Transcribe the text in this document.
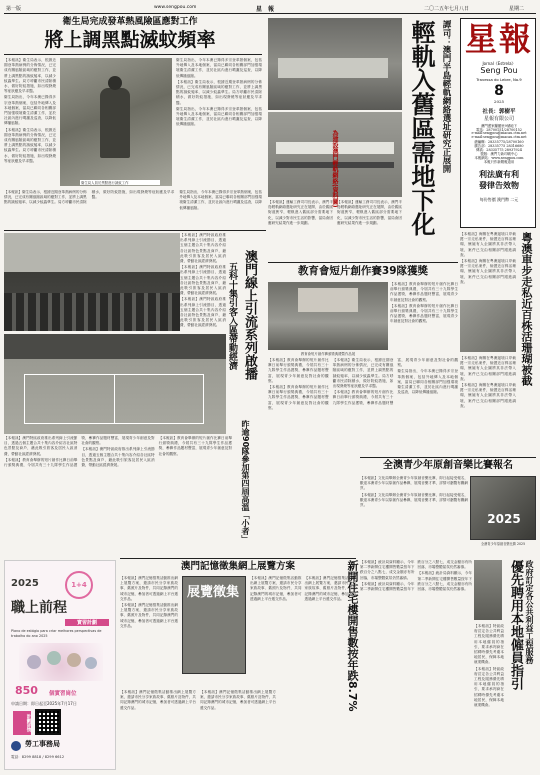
第一版	www.sengpou.com	星　報	二〇二五年七月八日	星期二
衛生局完成發革熱風險區應對工作
將上調黑點滅蚊頻率

【本報訊】衛生局表示，根據近期登革熱病例的分佈情況，已完成有關風險區域的應對工作，並將上調黑點的滅蚊頻率，以減少蚊蟲孳生。局方呼籲市民清除積水，做好防蚊措施，如出現發燒等症狀應及早求醫。

衛生局指出，今年本澳已錄得多宗登革熱個案，包括外地傳入及本地個案，當局已聯同各相關部門加強環境衛生清潔工作，並於社區內進行噴灑及巡查，以降低傳播風險。

【本報訊】衛生局表示，根據近期登革熱病例的分佈情況，已完成有關風險區域的應對工作，並將上調黑點的滅蚊頻率，以減少蚊蟲孳生。局方呼籲市民清除積水，做好防蚊措施，如出現發燒等症狀應及早求醫。

衛生局人員於黑點進行滅蚊工作

衛生局指出，今年本澳已錄得多宗登革熱個案，包括外地傳入及本地個案，當局已聯同各相關部門加強環境衛生清潔工作，並於社區內進行噴灑及巡查，以降低傳播風險。

【本報訊】衛生局表示，根據近期登革熱病例的分佈情況，已完成有關風險區域的應對工作，並將上調黑點的滅蚊頻率，以減少蚊蟲孳生。局方呼籲市民清除積水，做好防蚊措施，如出現發燒等症狀應及早求醫。

衛生局指出，今年本澳已錄得多宗登革熱個案，包括外地傳入及本地個案，當局已聯同各相關部門加強環境衛生清潔工作，並於社區內進行噴灑及巡查，以降低傳播風險。

【本報訊】衛生局表示，根據近期登革熱病例的分佈情況，已完成有關風險區域的應對工作，並將上調黑點的滅蚊頻率，以減少蚊蟲孳生。局方呼籲市民清除積水，做好防蚊措施，如出現發燒等症狀應及早求醫。

衛生局指出，今年本澳已錄得多宗登革熱個案，包括外地傳入及本地個案，當局已聯同各相關部門加強環境衛生清潔工作，並於社區內進行噴灑及巡查，以降低傳播風險。

為建設澳門輕軌網絡(資料圖)

【本報訊】運輸工務司司長表示，澳門半島輕軌網絡選址研究正在展開，由於舊區街道狹窄，輕軌進入舊區部分需要地下化，以減少對市民生活的影響，當局會因應研究結果作進一步規劃。

【本報訊】運輸工務司司長表示，澳門半島輕軌網絡選址研究正在展開，由於舊區街道狹窄，輕軌進入舊區部分需要地下化，以減少對市民生活的影響，當局會因應研究結果作進一步規劃。	輕軌入舊區需地下化 譚司：澳門半島輕軌網絡選址研究正展開 星報
Jornal《Estrela》
Seng Pou
Travessa do Lebre, No.9
8
2025
社長：郭樹平
星報有限公司
澳門畫家蘭鵝里9號地下
電話：28700151/28700152
e-mail:sengpou@macau.ctm.net
e-mail:sengpou@macau.ctm.net
總編輯：28335775/28700160
廣告部：28335775 28316680
傳真：28335775 28937924
製版：澳門力新印刷中心
本報網站：www.sengpou.com
本報只作新聞報道用
利法廣有利
發律告效物
每份售價 澳門幣 二元

【本報訊】澳門特區政府推出系列線上引流節目，透過五個主題合共十集內容介紹各社區特色景點及商戶，藉此吸引旅客及居民入區消費，帶動社區經濟發展。

【本報訊】澳門特區政府推出系列線上引流節目，透過五個主題合共十集內容介紹各社區特色景點及商戶，藉此吸引旅客及居民入區消費，帶動社區經濟發展。

【本報訊】澳門特區政府推出系列線上引流節目，透過五個主題合共十集內容介紹各社區特色景點及商戶，藉此吸引旅客及居民入區消費，帶動社區經濟發展。	澳門線上引流系列啟播
五科十集引客入區帶動經濟
昨逾90隊參加第四屆高溫「小者」

【本報訊】澳門特區政府推出系列線上引流節目，透過五個主題合共十集內容介紹各社區特色景點及商戶，藉此吸引旅客及居民入區消費，帶動社區經濟發展。

【本報訊】教育會舉辦的短片創作比賽日前舉行頒獎典禮，今屆共有三十九隊學生作品獲獎，參賽作品題材豐富，展現青少年創意及對社會的觀察。

【本報訊】澳門特區政府推出系列線上引流節目，透過五個主題合共十集內容介紹各社區特色景點及商戶，藉此吸引旅客及居民入區消費，帶動社區經濟發展。

【本報訊】教育會舉辦的短片創作比賽日前舉行頒獎典禮，今屆共有三十九隊學生作品獲獎，參賽作品題材豐富，展現青少年創意及對社會的觀察。

教育會短片創作賽39隊獲獎
教育會短片創作賽頒獎典禮暨作品展

【本報訊】教育會舉辦的短片創作比賽日前舉行頒獎典禮，今屆共有三十九隊學生作品獲獎，參賽作品題材豐富，展現青少年創意及對社會的觀察。

【本報訊】教育會舉辦的短片創作比賽日前舉行頒獎典禮，今屆共有三十九隊學生作品獲獎，參賽作品題材豐富，展現青少年創意及對社會的觀察。

【本報訊】教育會舉辦的短片創作比賽日前舉行頒獎典禮，今屆共有三十九隊學生作品獲獎，參賽作品題材豐富，展現青少年創意及對社會的觀察。

【本報訊】教育會舉辦的短片創作比賽日前舉行頒獎典禮，今屆共有三十九隊學生作品獲獎，參賽作品題材豐富，展現青少年創意及對社會的觀察。

【本報訊】衛生局表示，根據近期登革熱病例的分佈情況，已完成有關風險區域的應對工作，並將上調黑點的滅蚊頻率，以減少蚊蟲孳生。局方呼籲市民清除積水，做好防蚊措施，如出現發燒等症狀應及早求醫。

【本報訊】教育會舉辦的短片創作比賽日前舉行頒獎典禮，今屆共有三十九隊學生作品獲獎，參賽作品題材豐富，展現青少年創意及對社會的觀察。

衛生局指出，今年本澳已錄得多宗登革熱個案，包括外地傳入及本地個案，當局已聯同各相關部門加強環境衛生清潔工作，並於社區內進行噴灑及巡查，以降低傳播風險。

粵澳車步走私近百株活珊瑚被截

【本報訊】海關在粵澳邊境口岸截獲一宗走私案件，檢獲近百株活珊瑚，懷疑有人企圖將其非法帶入境，案件已交由相關部門跟進調查。

【本報訊】海關在粵澳邊境口岸截獲一宗走私案件，檢獲近百株活珊瑚，懷疑有人企圖將其非法帶入境，案件已交由相關部門跟進調查。

【本報訊】海關在粵澳邊境口岸截獲一宗走私案件，檢獲近百株活珊瑚，懷疑有人企圖將其非法帶入境，案件已交由相關部門跟進調查。

【本報訊】海關在粵澳邊境口岸截獲一宗走私案件，檢獲近百株活珊瑚，懷疑有人企圖將其非法帶入境，案件已交由相關部門跟進調查。

全澳青少年原創音樂比賽報名

【本報訊】文化局舉辦全澳青少年原創音樂比賽，即日起接受報名，歡迎本澳青少年以原創作品參賽，展現音樂才華，詳情可瀏覽有關網頁。

【本報訊】文化局舉辦全澳青少年原創音樂比賽，即日起接受報名，歡迎本澳青少年以原創作品參賽，展現音樂才華，詳情可瀏覽有關網頁。

2025
全澳青少年原創音樂比賽 2025
澳門記憶徵集網上展覽方案

【本報訊】澳門記憶徵集活動推出網上展覽方案，邀請市民分享家族故事、舊照片及物件，共同記錄澳門的城市記憶，參加者可透過網上平台遞交作品。

【本報訊】澳門記憶徵集活動推出網上展覽方案，邀請市民分享家族故事、舊照片及物件，共同記錄澳門的城市記憶，參加者可透過網上平台遞交作品。

展覽徵集

【本報訊】澳門記憶徵集活動推出網上展覽方案，邀請市民分享家族故事、舊照片及物件，共同記錄澳門的城市記憶，參加者可透過網上平台遞交作品。

【本報訊】澳門記憶徵集活動推出網上展覽方案，邀請市民分享家族故事、舊照片及物件，共同記錄澳門的城市記憶，參加者可透過網上平台遞交作品。

【本報訊】澳門記憶徵集活動推出網上展覽方案，邀請市民分享家族故事、舊照片及物件，共同記錄澳門的城市記憶，參加者可透過網上平台遞交作品。

【本報訊】澳門記憶徵集活動推出網上展覽方案，邀請市民分享家族故事、舊照片及物件，共同記錄澳門的城市記憶，參加者可透過網上平台遞交作品。	新開住宅樓開售數按年跌8.7% 【本報訊】統計局資料顯示，今年第二季新開住宅樓開售數量按年下跌百分之八點七，成交金額亦有所回落，市場整體氣氛仍然審慎。

【本報訊】統計局資料顯示，今年第二季新開住宅樓開售數量按年下跌百分之八點七，成交金額亦有所回落，市場整體氣氛仍然審慎。

【本報訊】統計局資料顯示，今年第二季新開住宅樓開售數量按年下跌百分之八點七，成交金額亦有所回落，市場整體氣氛仍然審慎。	政府訂定各公共利益工程服務
優先聘用本地僱員指引

【本報訊】特區政府訂定各公共利益工程及服務優先聘用本地僱員的指引，要求承判商在招聘時優先考慮本地居民，保障本地就業機會。

【本報訊】特區政府訂定各公共利益工程及服務優先聘用本地僱員的指引，要求承判商在招聘時優先考慮本地居民，保障本地就業機會。

2025	1+4
職上前程
實習計劃
Plano de estágio para criar melhores perspectivas de trabalho do ano 2025
850	個實習崗位
申請日期：即日起至2025年7月17日
計劃詳情
勞工事務局
電話：8299 8818 / 8299 6612
